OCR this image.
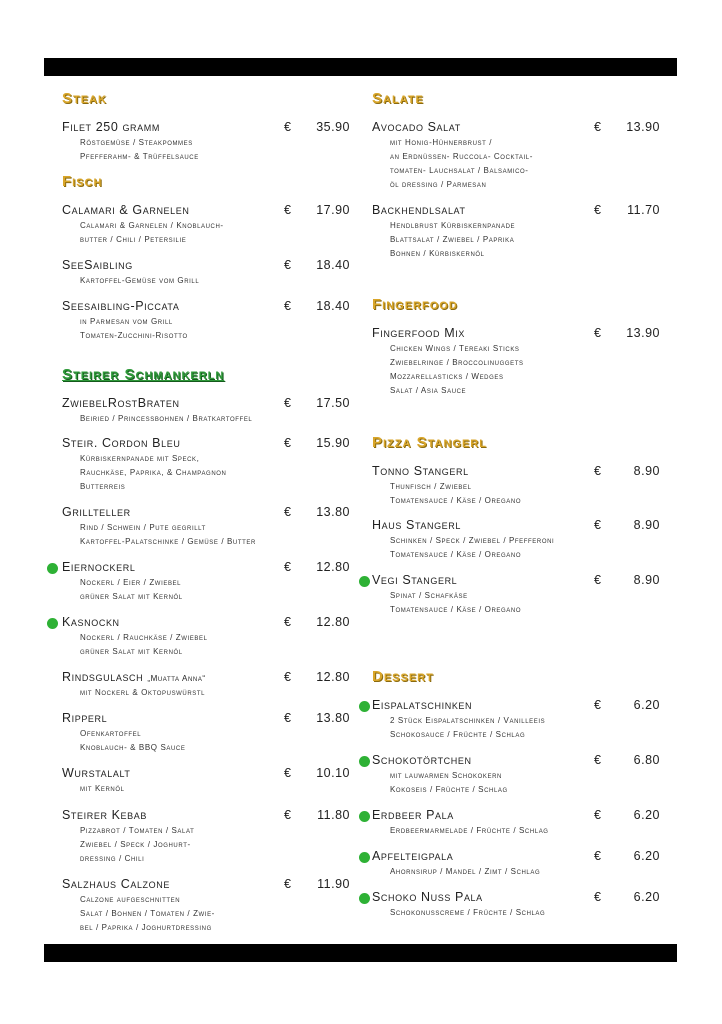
Steak
Filet 250 gramm	€	35.90
Röstgemüse / Steakpommes
Pfefferahm- & Trüffelsauce
Fisch
Calamari & Garnelen	€	17.90
Calamari & Garnelen / Knoblauch-
butter / Chili / Petersilie
SeeSaibling	€	18.40
Kartoffel-Gemüse vom Grill
Seesaibling-Piccata	€	18.40
in Parmesan vom Grill
Tomaten-Zucchini-Risotto
Steirer Schmankerln
ZwiebelRostBraten	€	17.50
Beiried / Princessbohnen / Bratkartoffel
Steir. Cordon Bleu	€	15.90
Kürbiskernpanade mit Speck,
Rauchkäse, Paprika, & Champagnon
Butterreis
Grillteller	€	13.80
Rind / Schwein / Pute gegrillt
Kartoffel-Palatschinke / Gemüse / Butter
Eiernockerl	€	12.80
Nockerl / Eier / Zwiebel
grüner Salat mit Kernöl
Kasnockn	€	12.80
Nockerl / Rauchkäse / Zwiebel
grüner Salat mit Kernöl
Rindsgulasch „Muatta Anna“	€	12.80
mit Nockerl & Oktopuswürstl
Ripperl	€	13.80
Ofenkartoffel
Knoblauch- & BBQ Sauce
Wurstalalt	€	10.10
mit Kernöl
Steirer Kebab	€	11.80
Pizzabrot / Tomaten / Salat
Zwiebel / Speck / Joghurt-
dressing / Chili
Salzhaus Calzone	€	11.90
Calzone aufgeschnitten
Salat / Bohnen / Tomaten / Zwie-
bel / Paprika / Joghurtdressing
Salate
Avocado Salat	€	13.90
mit Honig-Hühnerbrust /
an Erdnüssen- Ruccola- Cocktail-
tomaten- Lauchsalat / Balsamico-
öl dressing / Parmesan
Backhendlsalat	€	11.70
Hendlbrust Kürbiskernpanade
Blattsalat / Zwiebel / Paprika
Bohnen / Kürbiskernöl
Fingerfood
Fingerfood Mix	€	13.90
Chicken Wings / Tereaki Sticks
Zwiebelringe / Broccolinuggets
Mozzarellasticks / Wedges
Salat / Asia Sauce
Pizza Stangerl
Tonno Stangerl	€	8.90
Thunfisch / Zwiebel
Tomatensauce / Käse / Oregano
Haus Stangerl	€	8.90
Schinken / Speck / Zwiebel / Pfefferoni
Tomatensauce / Käse / Oregano
Vegi Stangerl	€	8.90
Spinat / Schafkäse
Tomatensauce / Käse / Oregano
Dessert
Eispalatschinken	€	6.20
2 Stück Eispalatschinken / Vanilleeis
Schokosauce / Früchte / Schlag
Schokotörtchen	€	6.80
mit lauwarmen Schokokern
Kokoseis / Früchte / Schlag
Erdbeer Pala	€	6.20
Erdbeermarmelade / Früchte / Schlag
Apfelteigpala	€	6.20
Ahornsirup / Mandel / Zimt / Schlag
Schoko Nuss Pala	€	6.20
Schokonusscreme / Früchte / Schlag
